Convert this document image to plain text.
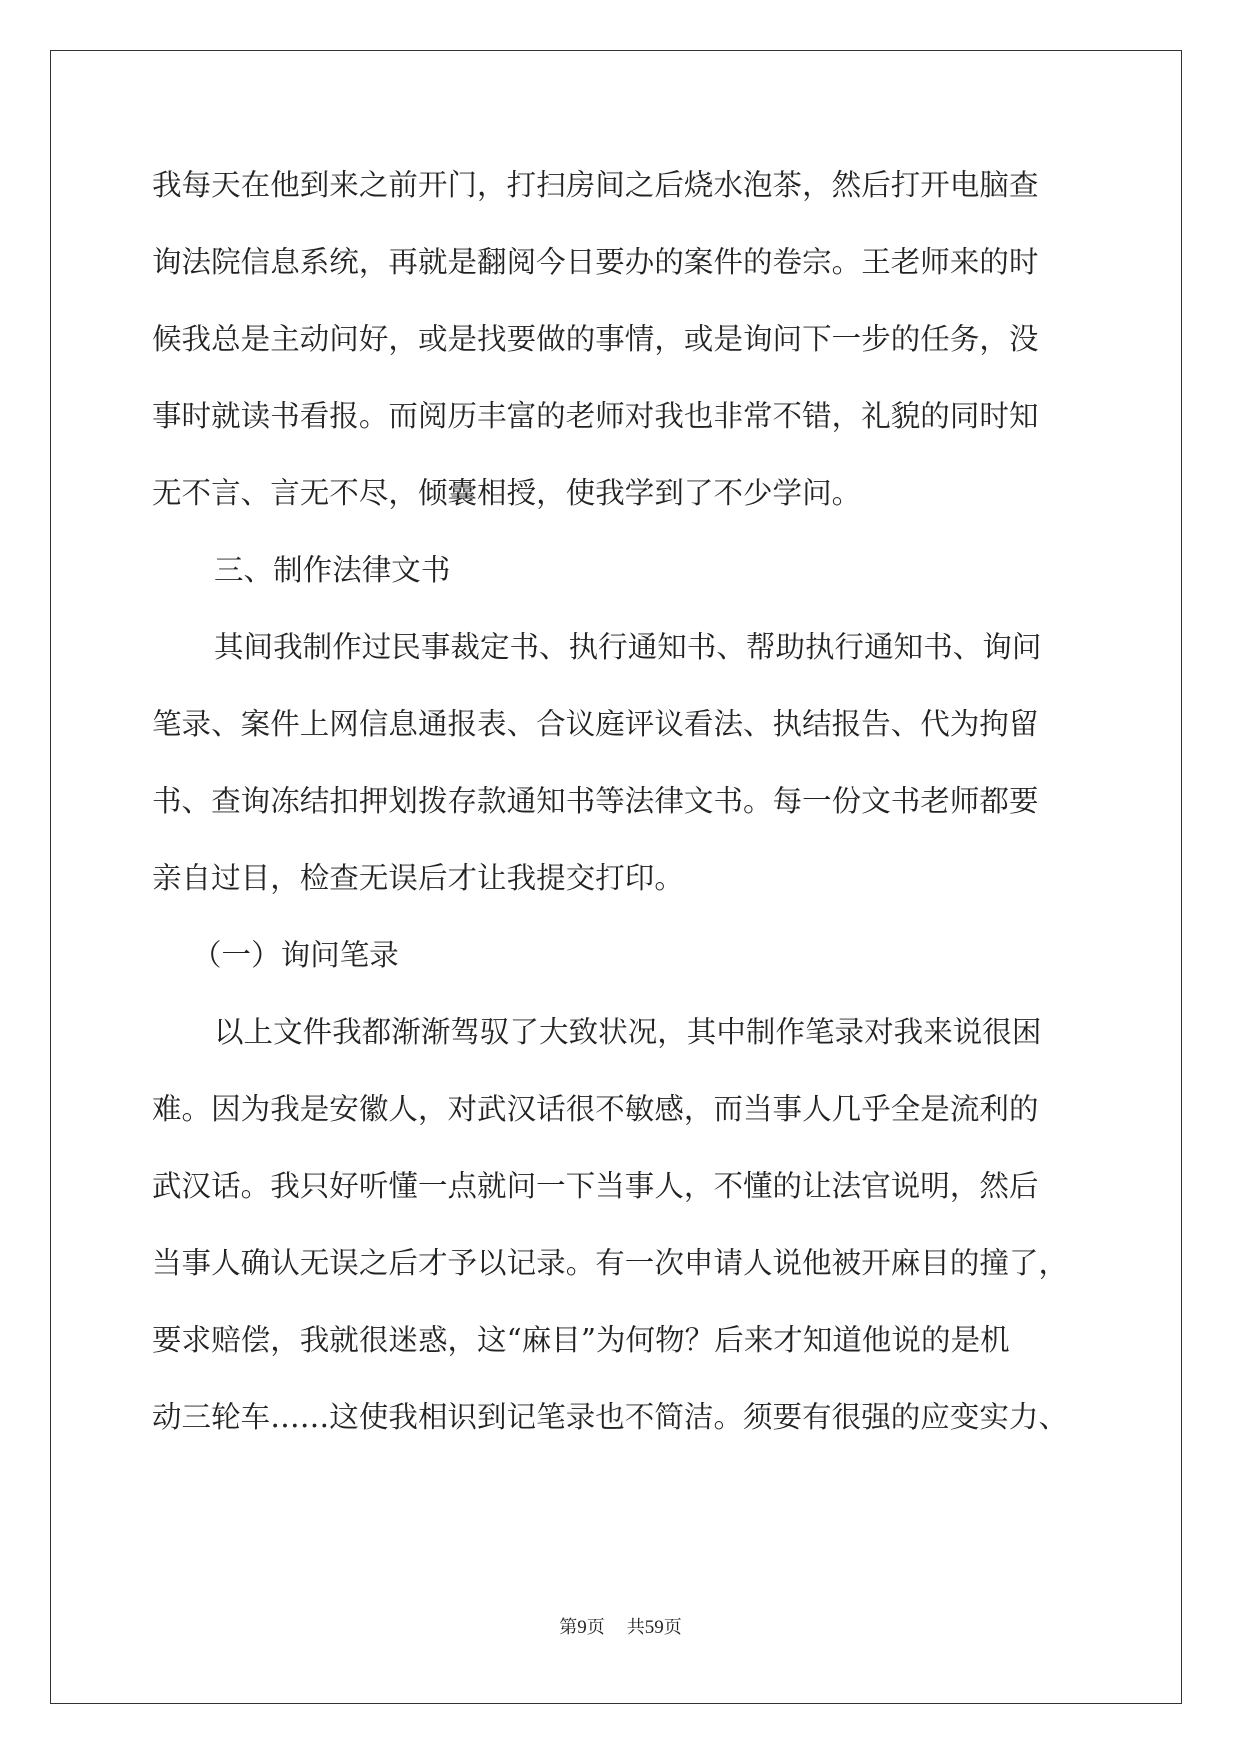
我每天在他到来之前开门，打扫房间之后烧水泡茶，然后打开电脑查
询法院信息系统，再就是翻阅今日要办的案件的卷宗。王老师来的时
候我总是主动问好，或是找要做的事情，或是询问下一步的任务，没
事时就读书看报。而阅历丰富的老师对我也非常不错，礼貌的同时知
无不言、言无不尽，倾囊相授，使我学到了不少学问。
三、制作法律文书
其间我制作过民事裁定书、执行通知书、帮助执行通知书、询问
笔录、案件上网信息通报表、合议庭评议看法、执结报告、代为拘留
书、查询冻结扣押划拨存款通知书等法律文书。每一份文书老师都要
亲自过目，检查无误后才让我提交打印。
（一）询问笔录
以上文件我都渐渐驾驭了大致状况，其中制作笔录对我来说很困
难。因为我是安徽人，对武汉话很不敏感，而当事人几乎全是流利的
武汉话。我只好听懂一点就问一下当事人，不懂的让法官说明，然后
当事人确认无误之后才予以记录。有一次申请人说他被开麻目的撞了，
要求赔偿，我就很迷惑，这“麻目”为何物？后来才知道他说的是机
动三轮车……这使我相识到记笔录也不简洁。须要有很强的应变实力、
第9页 共59页
